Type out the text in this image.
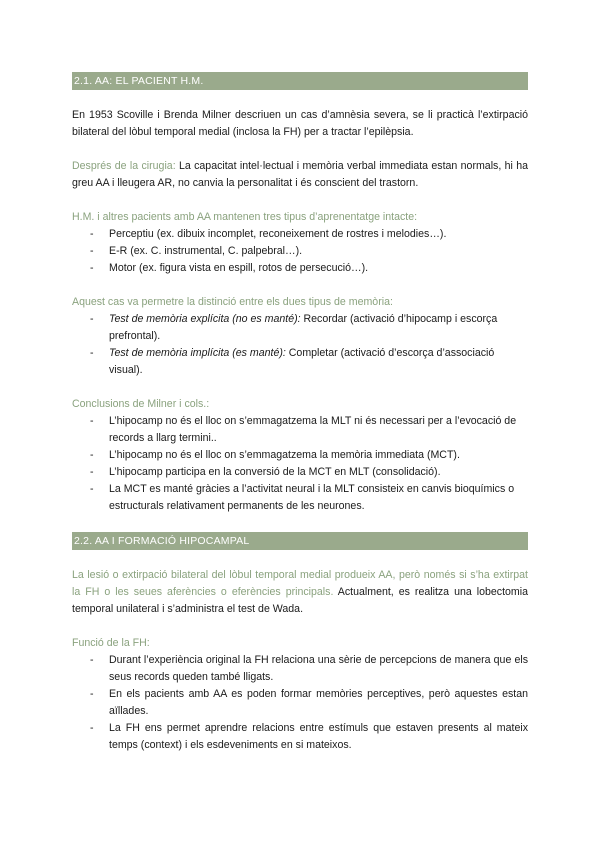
2.1. AA: EL PACIENT H.M.

En 1953 Scoville i Brenda Milner descriuen un cas d’amnèsia severa, se li practicà l’extirpació bilateral del lòbul temporal medial (inclosa la FH) per a tractar l’epilèpsia.

Després de la cirugia: La capacitat intel·lectual i memòria verbal immediata estan normals, hi ha greu AA i lleugera AR, no canvia la personalitat i és conscient del trastorn.

H.M. i altres pacients amb AA mantenen tres tipus d’aprenentatge intacte:

- Perceptiu (ex. dibuix incomplet, reconeixement de rostres i melodies…).
- E-R (ex. C. instrumental, C. palpebral…).
- Motor (ex. figura vista en espill, rotos de persecució…).

Aquest cas va permetre la distinció entre els dues tipus de memòria:

- Test de memòria explícita (no es manté): Recordar (activació d’hipocamp i escorça prefrontal).
- Test de memòria implícita (es manté): Completar (activació d’escorça d’associació visual).

Conclusions de Milner i cols.:

- L’hipocamp no és el lloc on s’emmagatzema la MLT ni és necessari per a l’evocació de records a llarg termini..
- L’hipocamp no és el lloc on s’emmagatzema la memòria immediata (MCT).
- L’hipocamp participa en la conversió de la MCT en MLT (consolidació).
- La MCT es manté gràcies a l’activitat neural i la MLT consisteix en canvis bioquímics o estructurals relativament permanents de les neurones.
2.2. AA I FORMACIÓ HIPOCAMPAL

La lesió o extirpació bilateral del lòbul temporal medial produeix AA, però només si s’ha extirpat la FH o les seues aferències o eferències principals. Actualment, es realitza una lobectomia temporal unilateral i s’administra el test de Wada.

Funció de la FH:

- Durant l’experiència original la FH relaciona una sèrie de percepcions de manera que els seus records queden també lligats.
- En els pacients amb AA es poden formar memòries perceptives, però aquestes estan aïllades.
- La FH ens permet aprendre relacions entre estímuls que estaven presents al mateix temps (context) i els esdeveniments en si mateixos.
